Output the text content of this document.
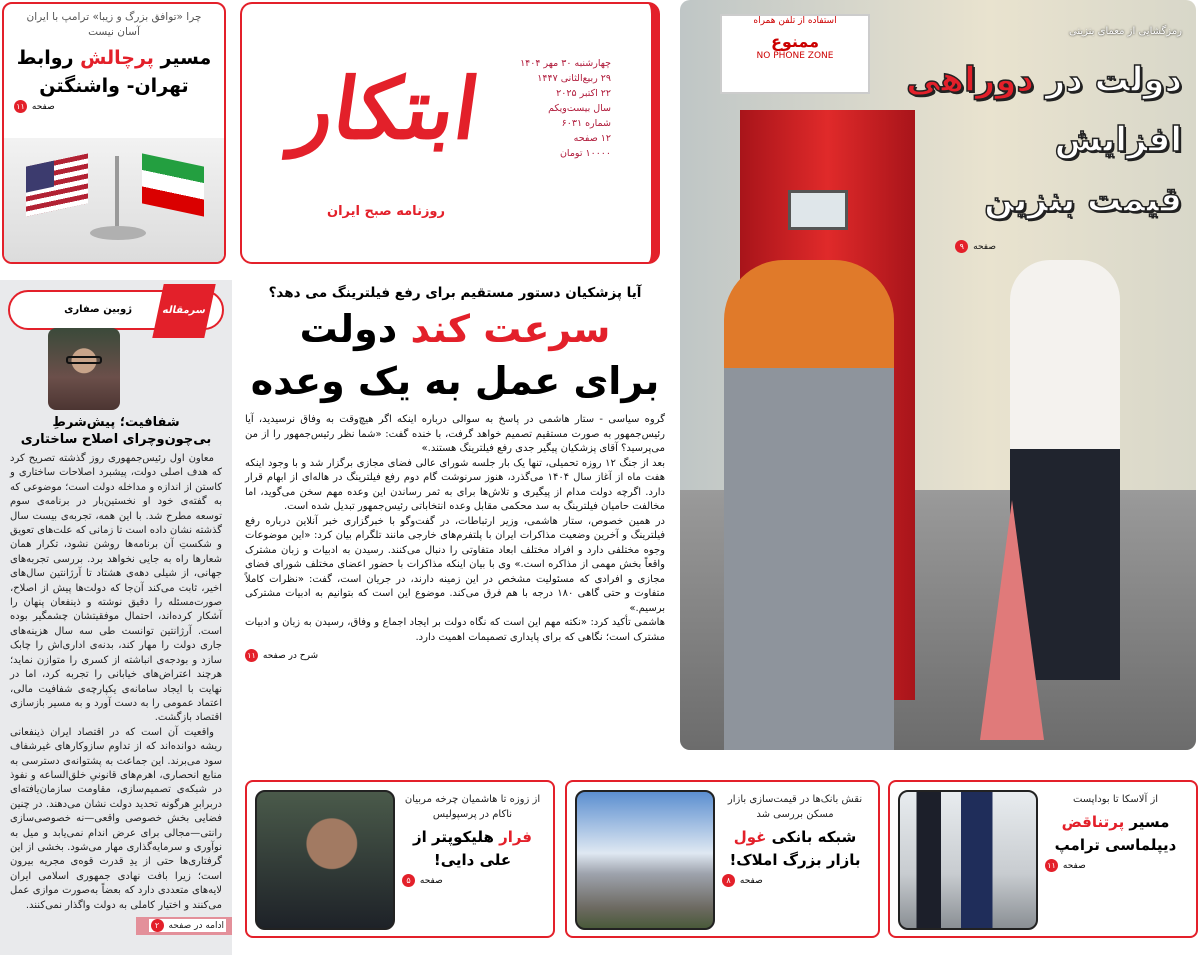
چرا «توافق بزرگ و زیبا» ترامپ با ایران آسان نیست
مسیر پرچالش روابط تهران- واشنگتن
صفحه ۱۱
سرمقاله
ژوبین صفاری
شفافیت؛ پیش‌شرطِ بی‌چون‌وچرای اصلاح ساختاری

معاون اول رئیس‌جمهوری روز گذشته تصریح کرد که هدف اصلی دولت، پیشبرد اصلاحات ساختاری و کاستن از اندازه و مداخله دولت است؛ موضوعی که به گفته‌ی خود او نخستین‌بار در برنامه‌ی سوم توسعه مطرح شد. با این همه، تجربه‌ی بیست سال گذشته نشان داده است تا زمانی که علت‌های تعویق و شکستِ آن برنامه‌ها روشن نشود، تکرار همان شعارها راه به جایی نخواهد برد. بررسی تجربه‌های جهانی، از شیلی دهه‌ی هشتاد تا آرژانتین سال‌های اخیر، ثابت می‌کند آن‌جا که دولت‌ها پیش از اصلاح، صورت‌مسئله را دقیق نوشته و ذینفعان پنهان را آشکار کرده‌اند، احتمال موفقیتشان چشمگیر بوده است. آرژانتین توانست طی سه سال هزینه‌های جاری دولت را مهار کند، بدنه‌ی اداری‌اش را چابک سازد و بودجه‌ی انباشته از کسری را متوازن نماید؛ هرچند اعتراض‌های خیابانی را تجربه کرد، اما در نهایت با ایجاد سامانه‌ی یکپارچه‌ی شفافیت مالی، اعتماد عمومی را به دست آورد و به مسیر بازسازی اقتصاد بازگشت.

واقعیت آن است که در اقتصاد ایران ذینفعانی ریشه دوانده‌اند که از تداوم سازوکارهای غیرشفاف سود می‌برند. این جماعت به پشتوانه‌ی دسترسی به منابع انحصاری، اهرم‌های قانونیِ خلق‌الساعه و نفوذ در شبکه‌ی تصمیم‌سازی، مقاومت سازمان‌یافته‌ای دربرابرِ هرگونه تحدید دولت نشان می‌دهند. در چنین فضایی بخش خصوصی واقعی—نه خصوصی‌سازی رانتی—مجالی برای عرض اندام نمی‌یابد و میل به نوآوری و سرمایه‌گذاری مهار می‌شود. بخشی از این گرفتاری‌ها حتی از یدِ قدرت قوه‌ی مجریه بیرون است؛ زیرا بافت نهادی جمهوری اسلامی ایران لایه‌های متعددی دارد که بعضاً به‌صورت موازی عمل می‌کنند و اختیار کاملی به دولت واگذار نمی‌کنند.

ادامه در صفحه ۲
ابتکار
روزنامه صبح ایران
چهارشنبه ۳۰ مهر ۱۴۰۴
۲۹ ربیع‌الثانی ۱۴۴۷
۲۲ اکتبر ۲۰۲۵
سال بیست‌و‌یکم
شماره ۶۰۳۱
۱۲ صفحه
۱۰۰۰۰ تومان
آیا پزشکیان دستور مستقیم برای رفع فیلترینگ می دهد؟
سرعت کند دولت
برای عمل به یک وعده

گروه سیاسی - ستار هاشمی در پاسخ به سوالی درباره اینکه اگر هیچ‌وقت به وفاق نرسیدید، آیا رئیس‌جمهور به صورت مستقیم تصمیم خواهد گرفت، با خنده گفت: «شما نظر رئیس‌جمهور را از من می‌پرسید؟ آقای پزشکیان پیگیر جدی رفع فیلترینگ هستند.»

بعد از جنگ ۱۲ روزه تحمیلی، تنها یک بار جلسه شورای عالی فضای مجازی برگزار شد و با وجود اینکه هفت ماه از آغاز سال ۱۴۰۴ می‌گذرد، هنوز سرنوشت گام دوم رفع فیلترینگ در هاله‌ای از ابهام قرار دارد. اگرچه دولت مدام از پیگیری و تلاش‌ها برای به ثمر رساندن این وعده مهم سخن می‌گوید، اما مخالفت حامیان فیلترینگ به سد محکمی مقابل وعده انتخاباتی رئیس‌جمهور تبدیل شده است.

در همین خصوص، ستار هاشمی، وزیر ارتباطات، در گفت‌وگو با خبرگزاری خبر آنلاین درباره رفع فیلترینگ و آخرین وضعیت مذاکرات ایران با پلتفرم‌های خارجی مانند تلگرام بیان کرد: «این موضوعات وجوه مختلفی دارد و افراد مختلف ابعاد متفاوتی را دنبال می‌کنند. رسیدن به ادبیات و زبان مشترک واقعاً بخش مهمی از مذاکره است.» وی با بیان اینکه مذاکرات با حضور اعضای مختلف شورای فضای مجازی و افرادی که مسئولیت مشخص در این زمینه دارند، در جریان است، گفت: «نظرات کاملاً متفاوت و حتی گاهی ۱۸۰ درجه با هم فرق می‌کند. موضوع این است که بتوانیم به ادبیات مشترکی برسیم.»

هاشمی تأکید کرد: «نکته مهم این است که نگاه دولت بر ایجاد اجماع و وفاق، رسیدن به زبان و ادبیات مشترک است؛ نگاهی که برای پایداری تصمیمات اهمیت دارد.

شرح در صفحه ۱۱
استفاده از تلفن همراه
ممنوع
NO PHONE ZONE
رمزگشایی از معمای بنزینی
دولت در دوراهی
افزایش
قیمت بنزین
صفحه ۹
از زوزه تا هاشمیان چرخه مربیان ناکام در پرسپولیس
فرار هلیکوپتر از علی دایی!
صفحه ۵
نقش بانک‌ها در قیمت‌سازی بازار مسکن بررسی شد
شبکه بانکی غول بازار بزرگ املاک!
صفحه ۸
از آلاسکا تا بوداپست
مسیر پرتناقض دیپلماسی ترامپ
صفحه ۱۱
